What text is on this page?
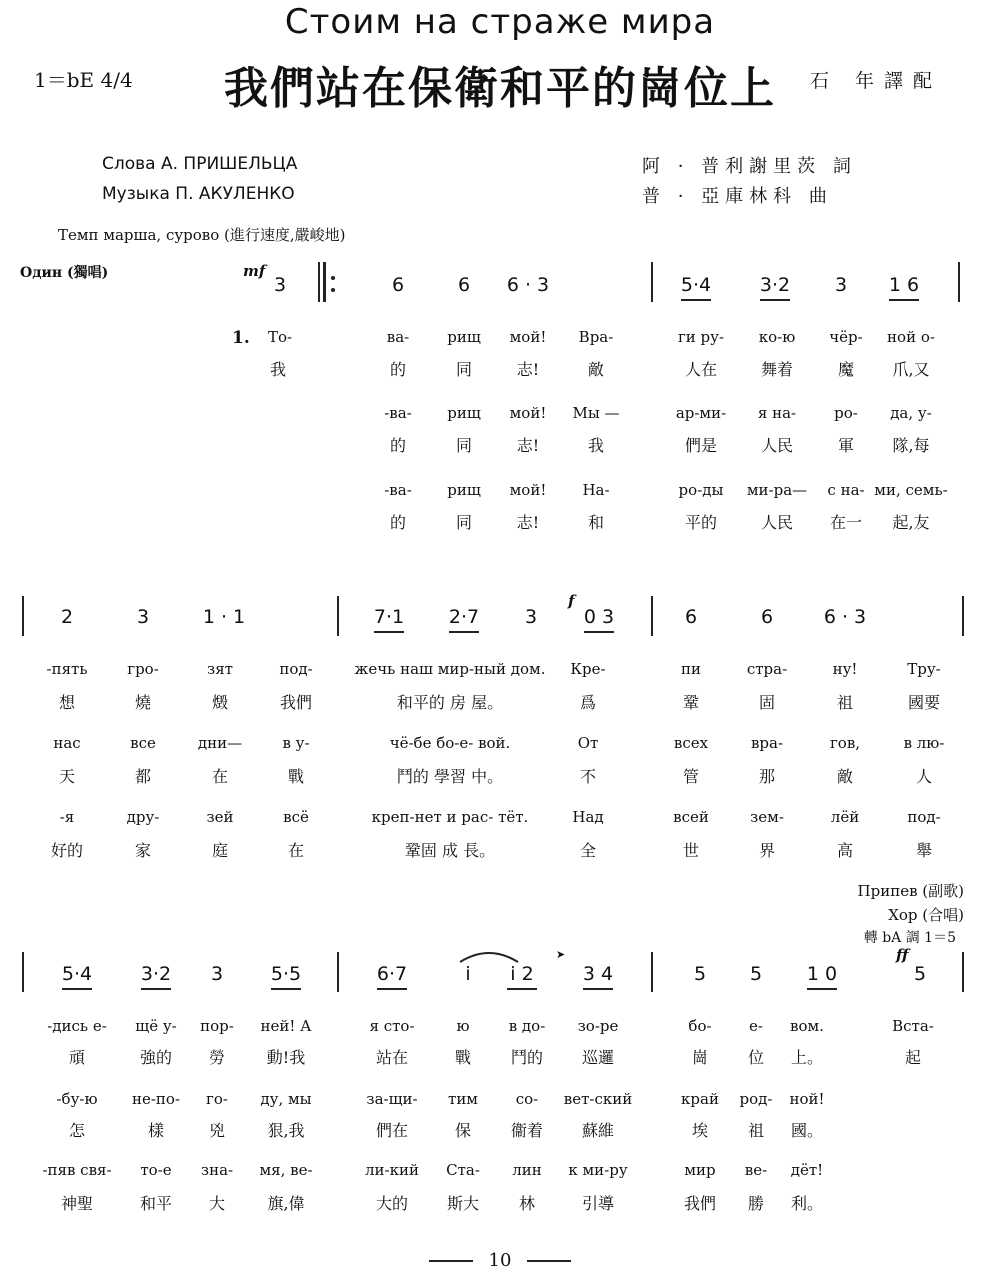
Стоим на страже мира
我們站在保衛和平的崗位上
1＝bE 4/4	石 年譯配
Слова А. ПРИШЕЛЬЦА
Музыка П. АКУЛЕНКО
阿 · 普利謝里茨 詞
普 · 亞庫林科 曲
Темп марша, сурово (進行速度,嚴峻地)
Один (獨唱)	mf
3
1. То-
我
6	6 6 · 3	5·4	3·2 3 1 6
ва-	рищ мой! Вра-	ги ру- ко-ю чёр- ной о-
的	同	志!	敵	人在	舞着	魔 爪,又
-ва- рищ мой! Мы —	ар-ми- я на-	ро- да, у-
的	同	志!	我	們是	人民	軍 隊,每
-ва- рищ мой! На-	ро-ды ми-ра— с на- ми, семь-
的	同	志!	和	平的	人民 在一 起,友
f
2	3	1 · 1	7·1 2·7 3 0 3	6	6	6 · 3
-пять	гро-	зят	под-	жечь наш мир-ный дом. Кре-	пи	стра-	ну!	Тру-
想	燒	燬	我們	和平的 房 屋。	爲	鞏	固	祖	國要
нас	все	дни—	в у-	чё-бе бо-е- вой.	От	всех	вра-	гов,	в лю-
天	都	在	戰	鬥的 學習 中。	不	管	那	敵	人
-я	дру-	зей	всё	креп-нет и рас- тёт.	Над	всей	зем-	лёй	под-
好的	家	庭	在	鞏固 成 長。	全	世	界	高	舉
Припев (副歌)
Хор (合唱)
轉 bA 調 1＝5
ff
➤
5·4	3·2 3	5·5	6·7	i i 2	3 4	5 5 1 0	5
-дись е- щё у- пор- ней! А	я сто-	ю	в до- зо-ре	бо- е- вом.	Вста-
頑	強的 勞	動!我	站在	戰 鬥的 巡邏	崗 位 上。	起
-бу-ю не-по- го- ду, мы	за-щи- тим	со- вет-ский	край род- ной!
怎	樣	兇	狠,我	們在	保 衞着 蘇維	埃 祖 國。
-пяв свя- то-е зна- мя, ве-	ли-кий Ста- лин к ми-ру	мир ве- дёт!
神聖	和平 大	旗,偉	大的 斯大 林	引導	我們 勝 利。
10
